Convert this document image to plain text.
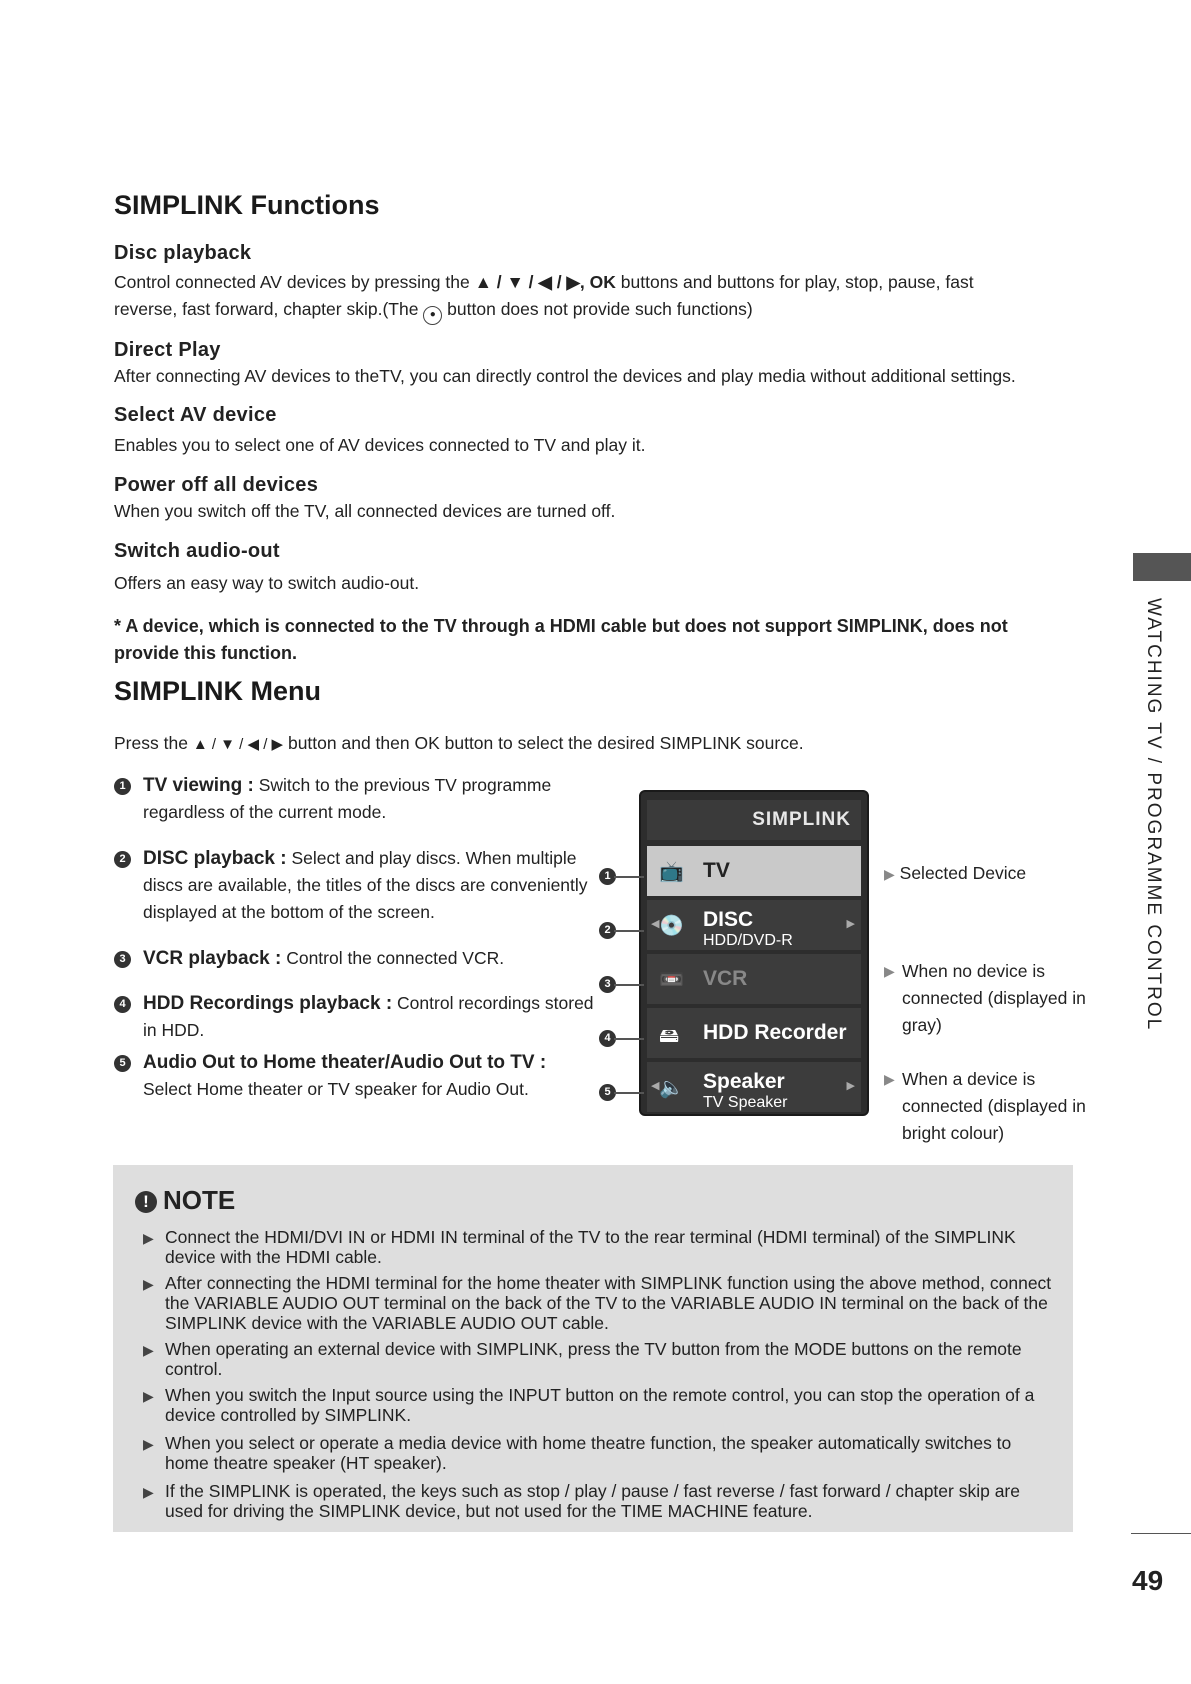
SIMPLINK Functions
Disc playback
Control connected AV devices by pressing the ▲ / ▼ / ◀ / ▶, OK buttons and buttons for play, stop, pause, fast
reverse, fast forward, chapter skip.(The ● button does not provide such functions)
Direct Play
After connecting AV devices to theTV, you can directly control the devices and play media without additional settings.
Select AV device
Enables you to select one of AV devices connected to TV and play it.
Power off all devices
When you switch off the TV, all connected devices are turned off.
Switch audio-out
Offers an easy way to switch audio-out.
* A device, which is connected to the TV through a HDMI cable but does not support SIMPLINK, does not provide this function.
SIMPLINK Menu
Press the ▲ / ▼ / ◀ / ▶ button and then OK button to select the desired SIMPLINK source.
1 TV viewing : Switch to the previous TV programme regardless of the current mode.
2 DISC playback : Select and play discs. When multiple discs are available, the titles of the discs are conveniently displayed at the bottom of the screen.
3 VCR playback : Control the connected VCR.
4 HDD Recordings playback : Control recordings stored in HDD.
5 Audio Out to Home theater/Audio Out to TV :
Select Home theater or TV speaker for Audio Out.
SIMPLINK
📺 TV
◀ 💿 DISC
HDD/DVD-R
▶
📼 VCR
🖴 HDD Recorder
◀ 🔈 Speaker
TV Speaker
▶
1
2
3
4
5
▶ Selected Device
▶ When no device is connected (displayed in gray)
▶ When a device is connected (displayed in bright colour)
! NOTE
▶ Connect the HDMI/DVI IN or HDMI IN terminal of the TV to the rear terminal (HDMI terminal) of the SIMPLINK device with the HDMI cable.
▶ After connecting the HDMI terminal for the home theater with SIMPLINK function using the above method, connect the VARIABLE AUDIO OUT terminal on the back of the TV to the VARIABLE AUDIO IN terminal on the back of the SIMPLINK device with the VARIABLE AUDIO OUT cable.
▶ When operating an external device with SIMPLINK, press the TV button from the MODE buttons on the remote control.
▶ When you switch the Input source using the INPUT button on the remote control, you can stop the operation of a device controlled by SIMPLINK.
▶ When you select or operate a media device with home theatre function, the speaker automatically switches to home theatre speaker (HT speaker).
▶ If the SIMPLINK is operated, the keys such as stop / play / pause / fast reverse / fast forward / chapter skip are used for driving the SIMPLINK device, but not used for the TIME MACHINE feature.
WATCHING TV / PROGRAMME CONTROL
49
